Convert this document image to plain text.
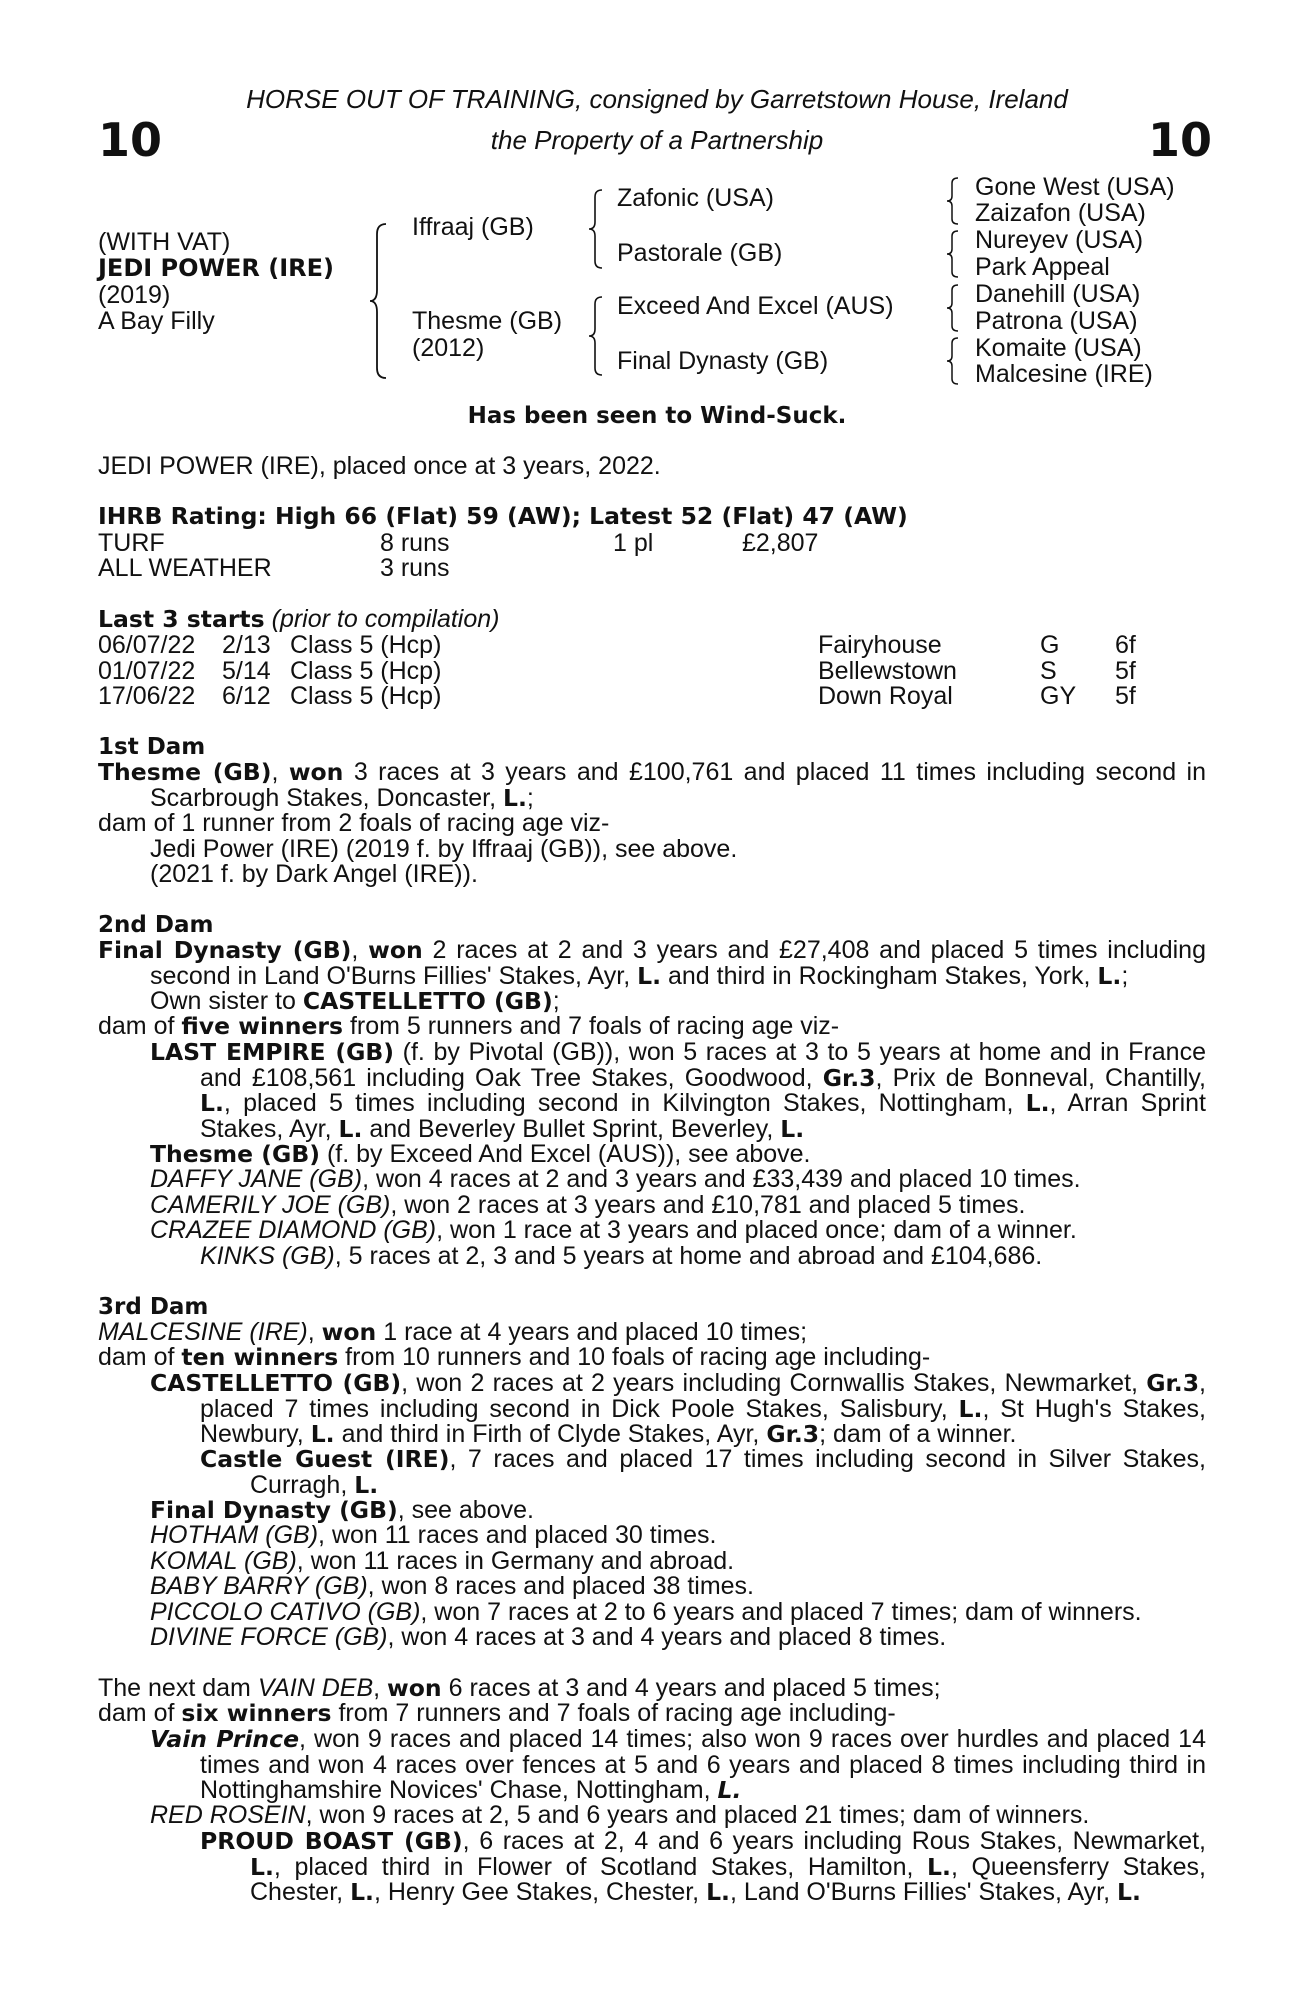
10	10
HORSE OUT OF TRAINING, consigned by Garretstown House, Ireland
the Property of a Partnership
(WITH VAT)
JEDI POWER (IRE)
(2019)
A Bay Filly
Iffraaj (GB)
Thesme (GB)
(2012)
Zafonic (USA)
Pastorale (GB)
Exceed And Excel (AUS)
Final Dynasty (GB)
Gone West (USA)
Zaizafon (USA)
Nureyev (USA)
Park Appeal
Danehill (USA)
Patrona (USA)
Komaite (USA)
Malcesine (IRE)
Has been seen to Wind-Suck.
JEDI POWER (IRE), placed once at 3 years, 2022.
IHRB Rating: High 66 (Flat) 59 (AW); Latest 52 (Flat) 47 (AW)
TURF	8 runs	1 pl	£2,807
ALL WEATHER	3 runs
Last 3 starts (prior to compilation)
06/07/22 2/13 Class 5 (Hcp)	Fairyhouse	G 6f
01/07/22 5/14 Class 5 (Hcp)	Bellewstown	S 5f
17/06/22 6/12 Class 5 (Hcp)	Down Royal	GY 5f
1st Dam
Thesme (GB), won 3 races at 3 years and £100,761 and placed 11 times including second in Scarbrough Stakes, Doncaster, L.;
dam of 1 runner from 2 foals of racing age viz-
Jedi Power (IRE) (2019 f. by Iffraaj (GB)), see above.
(2021 f. by Dark Angel (IRE)).
2nd Dam
Final Dynasty (GB), won 2 races at 2 and 3 years and £27,408 and placed 5 times including second in Land O'Burns Fillies' Stakes, Ayr, L. and third in Rockingham Stakes, York, L.;
Own sister to CASTELLETTO (GB);
dam of five winners from 5 runners and 7 foals of racing age viz-
LAST EMPIRE (GB) (f. by Pivotal (GB)), won 5 races at 3 to 5 years at home and in France and £108,561 including Oak Tree Stakes, Goodwood, Gr.3, Prix de Bonneval, Chantilly, L., placed 5 times including second in Kilvington Stakes, Nottingham, L., Arran Sprint Stakes, Ayr, L. and Beverley Bullet Sprint, Beverley, L.
Thesme (GB) (f. by Exceed And Excel (AUS)), see above.
DAFFY JANE (GB), won 4 races at 2 and 3 years and £33,439 and placed 10 times.
CAMERILY JOE (GB), won 2 races at 3 years and £10,781 and placed 5 times.
CRAZEE DIAMOND (GB), won 1 race at 3 years and placed once; dam of a winner.
KINKS (GB), 5 races at 2, 3 and 5 years at home and abroad and £104,686.
3rd Dam
MALCESINE (IRE), won 1 race at 4 years and placed 10 times;
dam of ten winners from 10 runners and 10 foals of racing age including-
CASTELLETTO (GB), won 2 races at 2 years including Cornwallis Stakes, Newmarket, Gr.3, placed 7 times including second in Dick Poole Stakes, Salisbury, L., St Hugh's Stakes, Newbury, L. and third in Firth of Clyde Stakes, Ayr, Gr.3; dam of a winner.
Castle Guest (IRE), 7 races and placed 17 times including second in Silver Stakes, Curragh, L.
Final Dynasty (GB), see above.
HOTHAM (GB), won 11 races and placed 30 times.
KOMAL (GB), won 11 races in Germany and abroad.
BABY BARRY (GB), won 8 races and placed 38 times.
PICCOLO CATIVO (GB), won 7 races at 2 to 6 years and placed 7 times; dam of winners.
DIVINE FORCE (GB), won 4 races at 3 and 4 years and placed 8 times.
The next dam VAIN DEB, won 6 races at 3 and 4 years and placed 5 times;
dam of six winners from 7 runners and 7 foals of racing age including-
Vain Prince, won 9 races and placed 14 times; also won 9 races over hurdles and placed 14 times and won 4 races over fences at 5 and 6 years and placed 8 times including third in Nottinghamshire Novices' Chase, Nottingham, L.
RED ROSEIN, won 9 races at 2, 5 and 6 years and placed 21 times; dam of winners.
PROUD BOAST (GB), 6 races at 2, 4 and 6 years including Rous Stakes, Newmarket, L., placed third in Flower of Scotland Stakes, Hamilton, L., Queensferry Stakes, Chester, L., Henry Gee Stakes, Chester, L., Land O'Burns Fillies' Stakes, Ayr, L.
